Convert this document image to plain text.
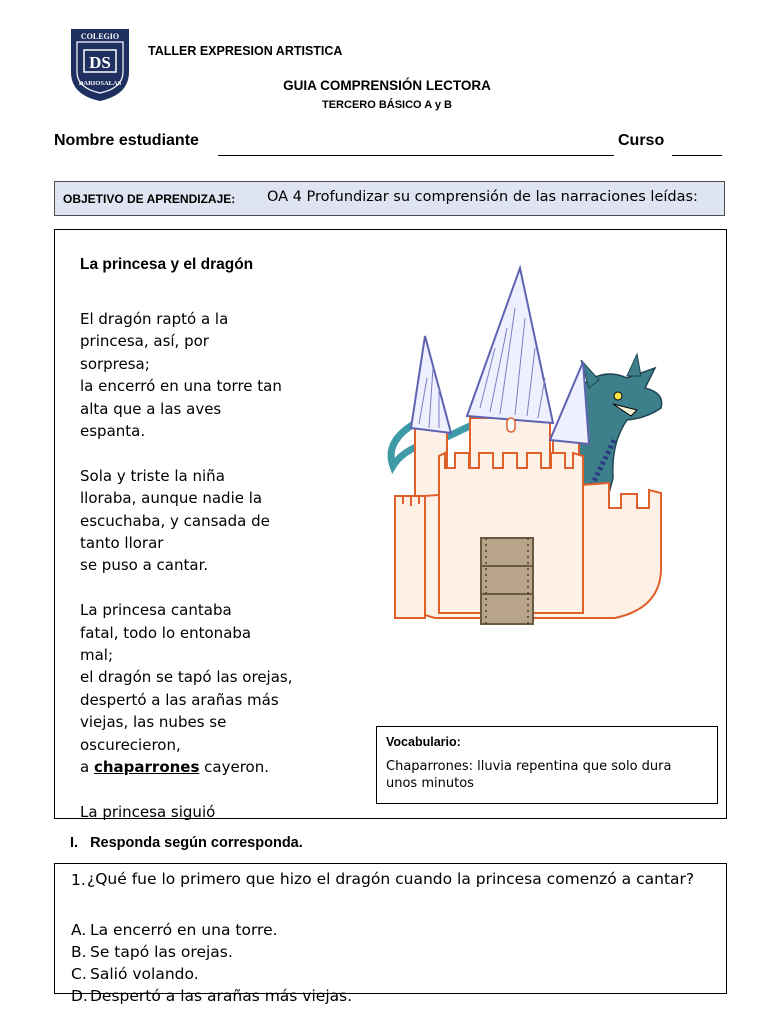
COLEGIO
DS
DARIOSALAS
TALLER EXPRESION ARTISTICA
GUIA COMPRENSIÓN LECTORA
TERCERO BÁSICO A y B
Nombre estudiante	Curso
OBJETIVO DE APRENDIZAJE: OA 4 Profundizar su comprensión de las narraciones leídas:
La princesa y el dragón
El dragón raptó a la
princesa, así, por
sorpresa;
la encerró en una torre tan
alta que a las aves
espanta.
Sola y triste la niña
lloraba, aunque nadie la
escuchaba, y cansada de
tanto llorar
se puso a cantar.
La princesa cantaba
fatal, todo lo entonaba
mal;
el dragón se tapó las orejas,
despertó a las arañas más
viejas, las nubes se
oscurecieron,
a chaparrones cayeron.
La princesa siguió
Vocabulario:
Chaparrones: lluvia repentina que solo dura unos minutos
I. Responda según corresponda.
1. ¿Qué fue lo primero que hizo el dragón cuando la princesa comenzó a cantar?
A. La encerró en una torre.
B. Se tapó las orejas.
C. Salió volando.
D. Despertó a las arañas más viejas.
